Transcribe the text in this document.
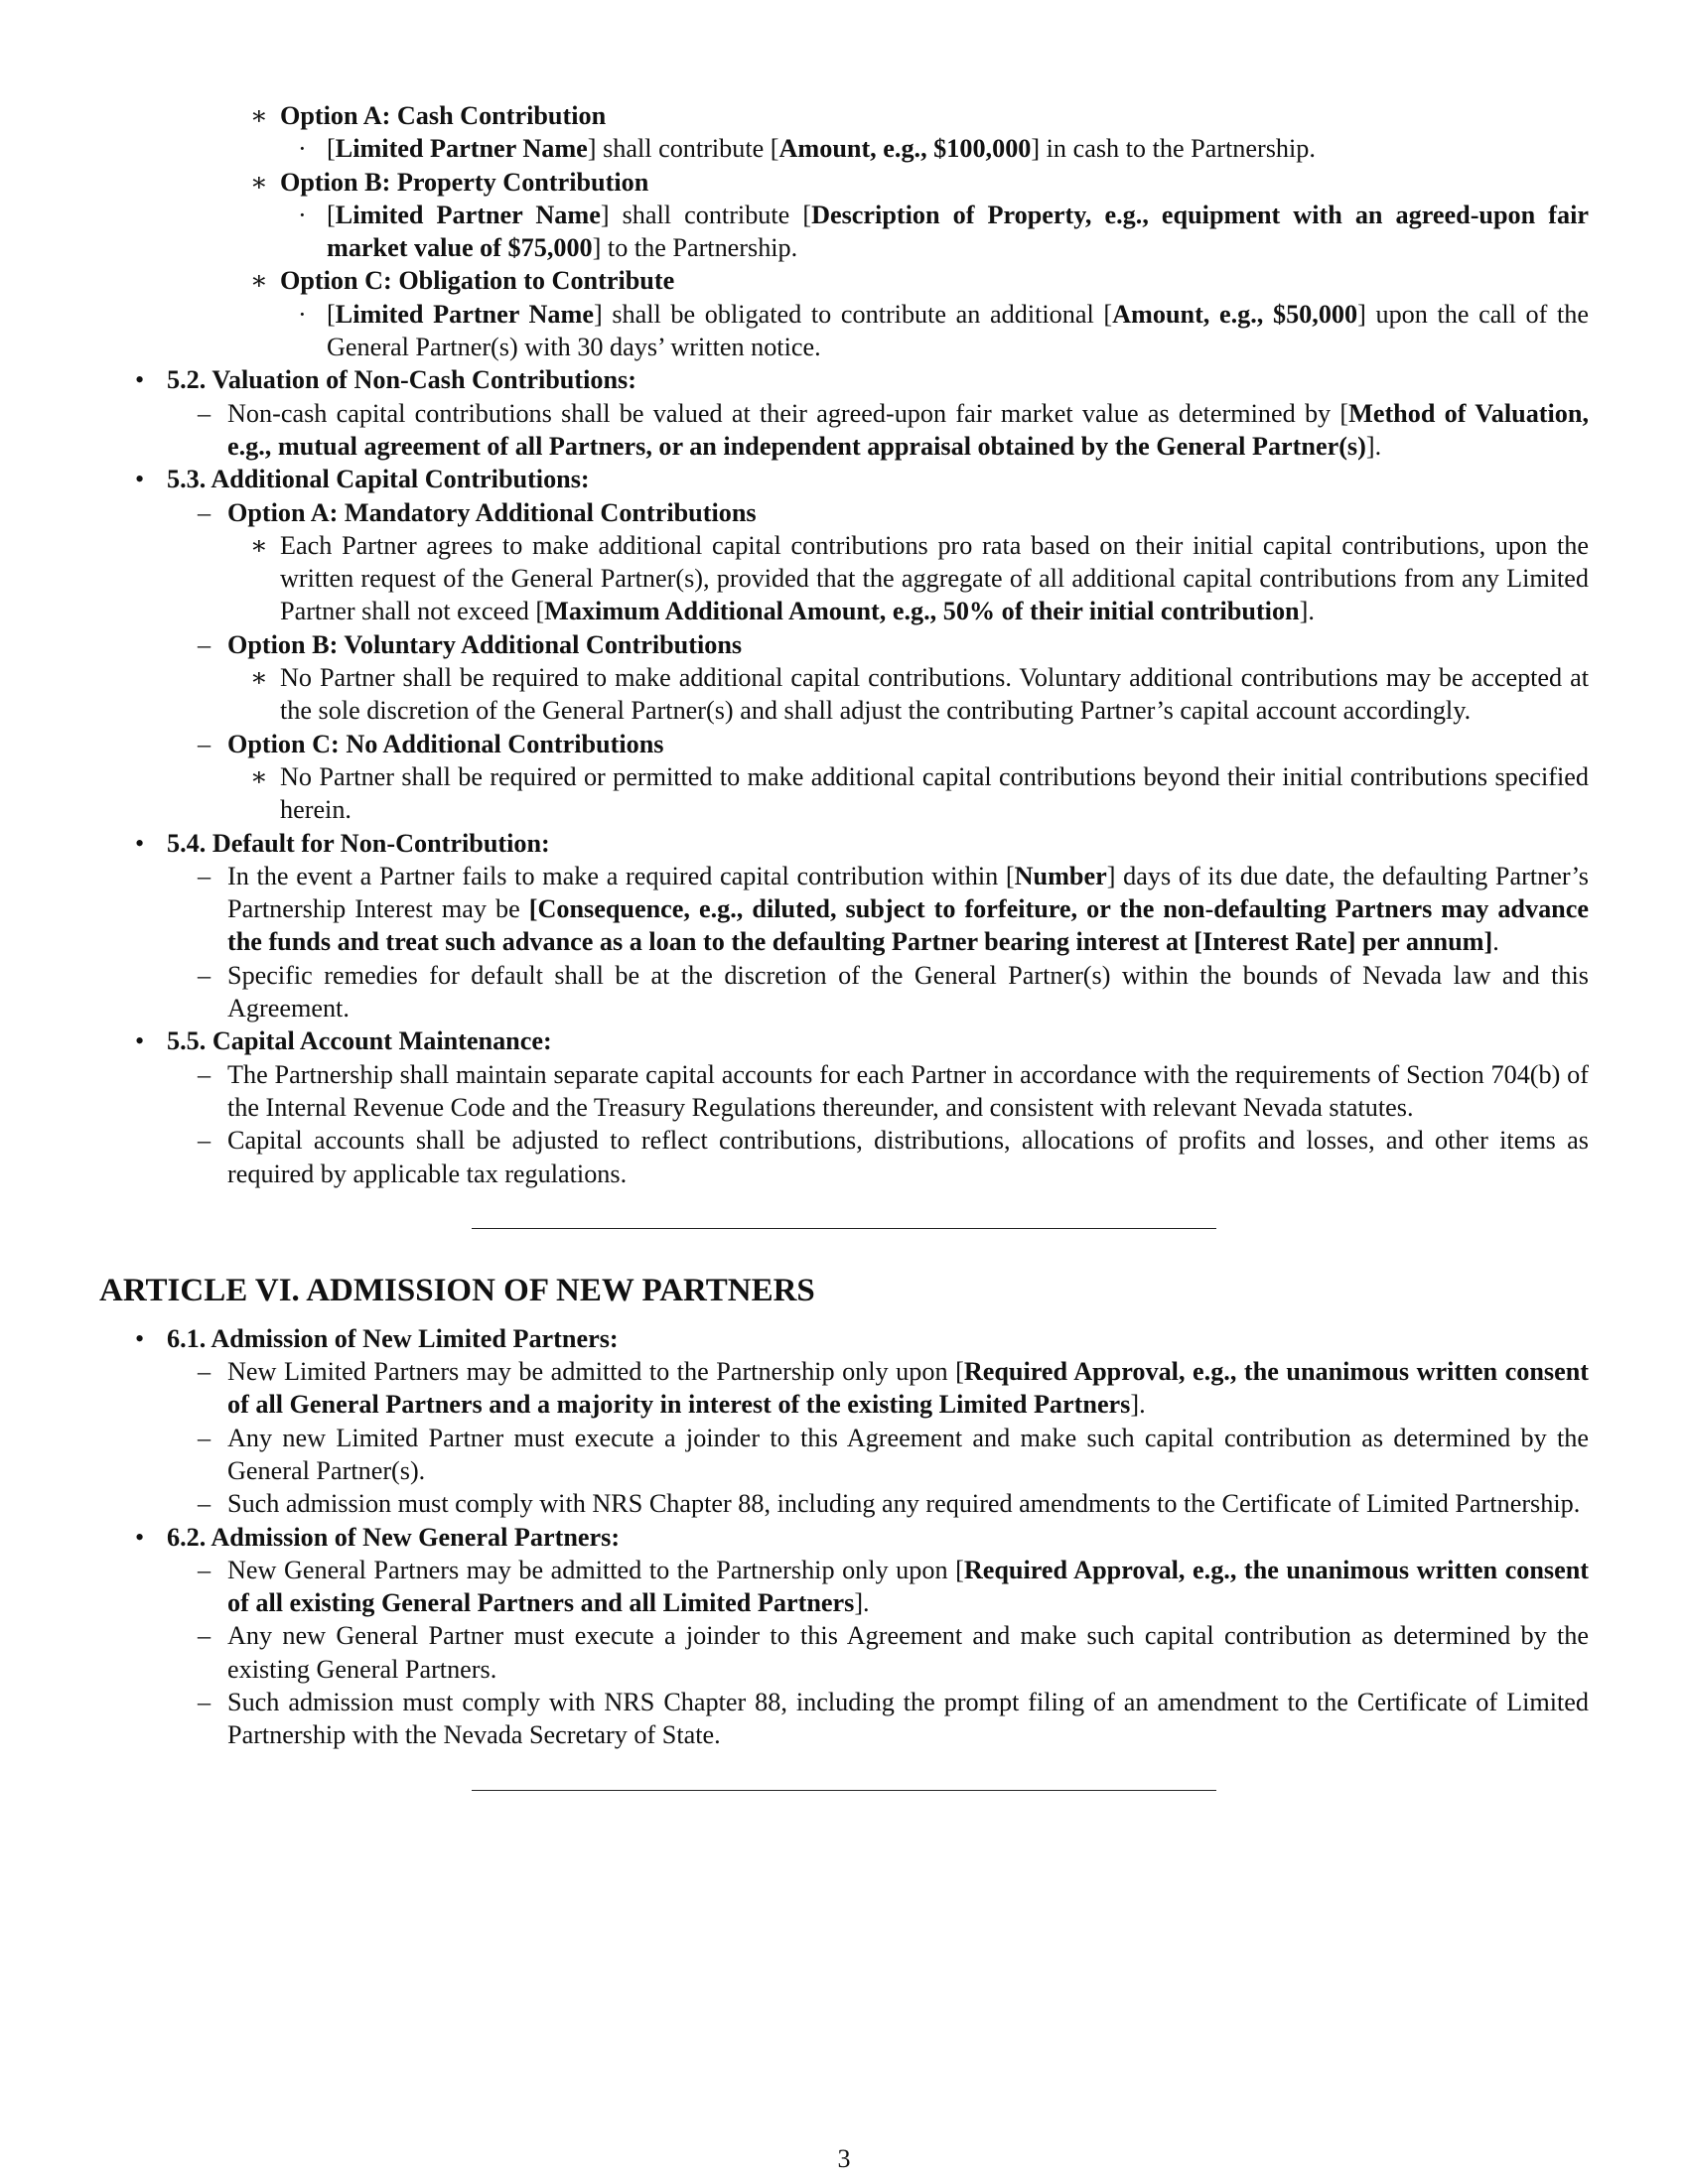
∗ Option A: Cash Contribution
· [Limited Partner Name] shall contribute [Amount, e.g., $100,000] in cash to the Partnership.
∗ Option B: Property Contribution
· [Limited Partner Name] shall contribute [Description of Property, e.g., equipment with an agreed-upon fair market value of $75,000] to the Partnership.
∗ Option C: Obligation to Contribute
· [Limited Partner Name] shall be obligated to contribute an additional [Amount, e.g., $50,000] upon the call of the General Partner(s) with 30 days’ written notice.
• 5.2. Valuation of Non-Cash Contributions:
– Non-cash capital contributions shall be valued at their agreed-upon fair market value as determined by [Method of Valuation, e.g., mutual agreement of all Partners, or an independent appraisal obtained by the General Partner(s)].
• 5.3. Additional Capital Contributions:
– Option A: Mandatory Additional Contributions
∗ Each Partner agrees to make additional capital contributions pro rata based on their initial capital contributions, upon the written request of the General Partner(s), provided that the aggregate of all additional capital contributions from any Limited Partner shall not exceed [Maximum Additional Amount, e.g., 50% of their initial contribution].
– Option B: Voluntary Additional Contributions
∗ No Partner shall be required to make additional capital contributions. Voluntary additional contributions may be accepted at the sole discretion of the General Partner(s) and shall adjust the contributing Partner’s capital account accordingly.
– Option C: No Additional Contributions
∗ No Partner shall be required or permitted to make additional capital contributions beyond their initial contributions specified herein.
• 5.4. Default for Non-Contribution:
– In the event a Partner fails to make a required capital contribution within [Number] days of its due date, the defaulting Partner’s Partnership Interest may be [Consequence, e.g., diluted, subject to forfeiture, or the non-defaulting Partners may advance the funds and treat such advance as a loan to the defaulting Partner bearing interest at [Interest Rate] per annum].
– Specific remedies for default shall be at the discretion of the General Partner(s) within the bounds of Nevada law and this Agreement.
• 5.5. Capital Account Maintenance:
– The Partnership shall maintain separate capital accounts for each Partner in accordance with the requirements of Section 704(b) of the Internal Revenue Code and the Treasury Regulations thereunder, and consistent with relevant Nevada statutes.
– Capital accounts shall be adjusted to reflect contributions, distributions, allocations of profits and losses, and other items as required by applicable tax regulations.
ARTICLE VI. ADMISSION OF NEW PARTNERS
• 6.1. Admission of New Limited Partners:
– New Limited Partners may be admitted to the Partnership only upon [Required Approval, e.g., the unanimous written consent of all General Partners and a majority in interest of the existing Limited Partners].
– Any new Limited Partner must execute a joinder to this Agreement and make such capital contribution as determined by the General Partner(s).
– Such admission must comply with NRS Chapter 88, including any required amendments to the Certificate of Limited Partnership.
• 6.2. Admission of New General Partners:
– New General Partners may be admitted to the Partnership only upon [Required Approval, e.g., the unanimous written consent of all existing General Partners and all Limited Partners].
– Any new General Partner must execute a joinder to this Agreement and make such capital contribution as determined by the existing General Partners.
– Such admission must comply with NRS Chapter 88, including the prompt filing of an amendment to the Certificate of Limited Partnership with the Nevada Secretary of State.
3
